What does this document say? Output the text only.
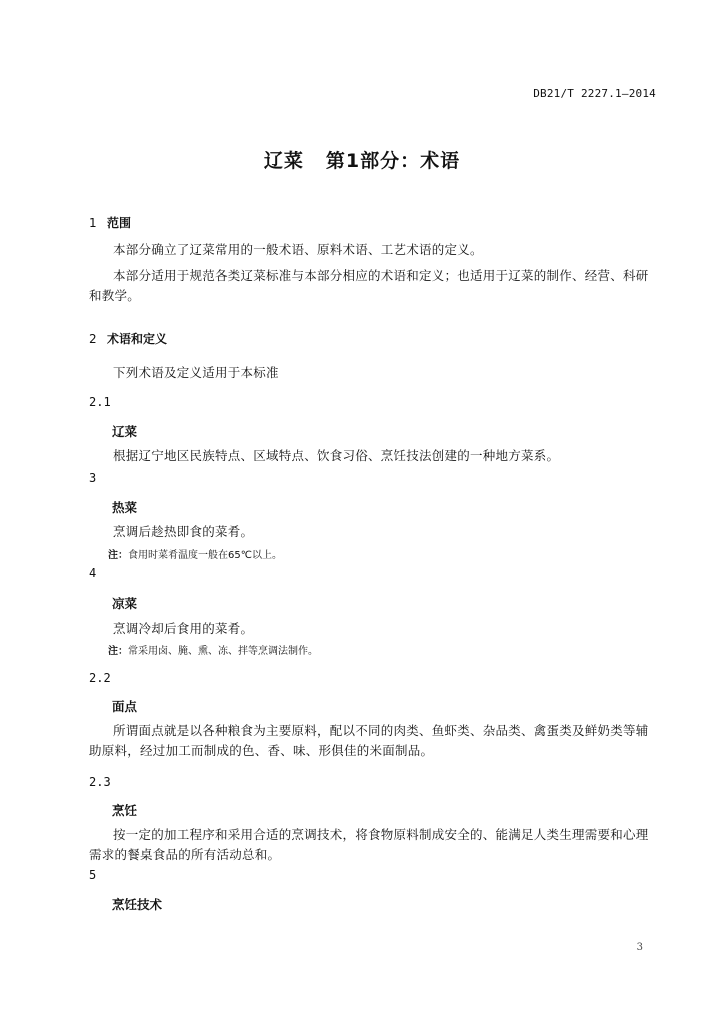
DB21/T 2227.1—2014
辽菜 第1部分：术语
1 范围
本部分确立了辽菜常用的一般术语、原料术语、工艺术语的定义。
本部分适用于规范各类辽菜标准与本部分相应的术语和定义；也适用于辽菜的制作、经营、科研和教学。
2 术语和定义
下列术语及定义适用于本标准
2.1
辽菜
根据辽宁地区民族特点、区域特点、饮食习俗、烹饪技法创建的一种地方菜系。
3
热菜
烹调后趁热即食的菜肴。
注：食用时菜肴温度一般在65℃以上。
4
凉菜
烹调冷却后食用的菜肴。
注：常采用卤、腌、熏、冻、拌等烹调法制作。
2.2
面点
所谓面点就是以各种粮食为主要原料，配以不同的肉类、鱼虾类、杂品类、禽蛋类及鲜奶类等辅助原料，经过加工而制成的色、香、味、形俱佳的米面制品。
2.3
烹饪
按一定的加工程序和采用合适的烹调技术，将食物原料制成安全的、能满足人类生理需要和心理需求的餐桌食品的所有活动总和。
5
烹饪技术
3
